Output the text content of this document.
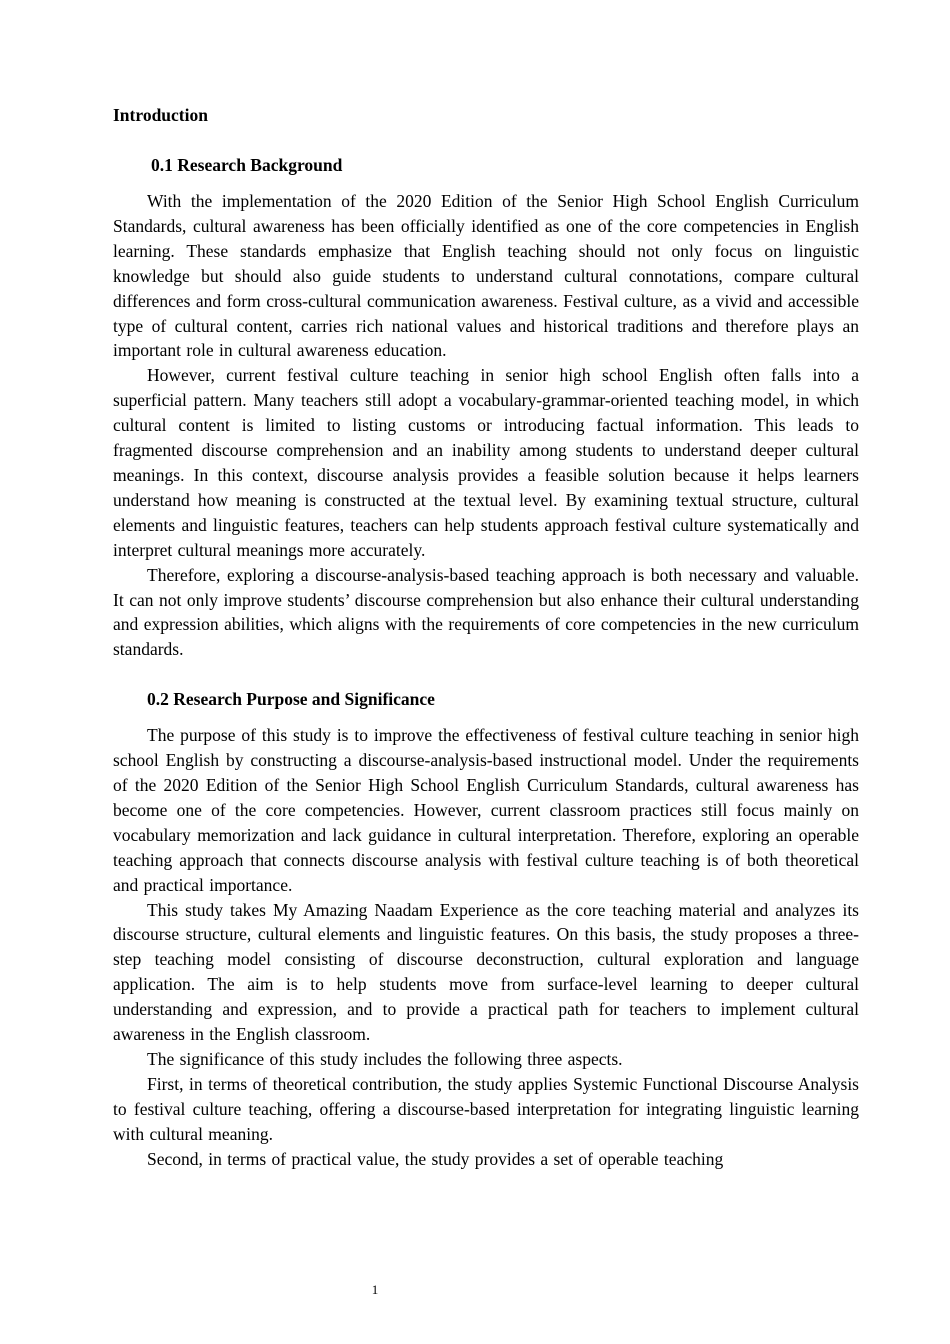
Introduction
0.1 Research Background

With the implementation of the 2020 Edition of the Senior High School English Curriculum Standards, cultural awareness has been officially identified as one of the core competencies in English learning. These standards emphasize that English teaching should not only focus on linguistic knowledge but should also guide students to understand cultural connotations, compare cultural differences and form cross-cultural communication awareness. Festival culture, as a vivid and accessible type of cultural content, carries rich national values and historical traditions and therefore plays an important role in cultural awareness education.

However, current festival culture teaching in senior high school English often falls into a superficial pattern. Many teachers still adopt a vocabulary-grammar-oriented teaching model, in which cultural content is limited to listing customs or introducing factual information. This leads to fragmented discourse comprehension and an inability among students to understand deeper cultural meanings. In this context, discourse analysis provides a feasible solution because it helps learners understand how meaning is constructed at the textual level. By examining textual structure, cultural elements and linguistic features, teachers can help students approach festival culture systematically and interpret cultural meanings more accurately.

Therefore, exploring a discourse-analysis-based teaching approach is both necessary and valuable. It can not only improve students’ discourse comprehension but also enhance their cultural understanding and expression abilities, which aligns with the requirements of core competencies in the new curriculum standards.

0.2 Research Purpose and Significance

The purpose of this study is to improve the effectiveness of festival culture teaching in senior high school English by constructing a discourse-analysis-based instructional model. Under the requirements of the 2020 Edition of the Senior High School English Curriculum Standards, cultural awareness has become one of the core competencies. However, current classroom practices still focus mainly on vocabulary memorization and lack guidance in cultural interpretation. Therefore, exploring an operable teaching approach that connects discourse analysis with festival culture teaching is of both theoretical and practical importance.

This study takes My Amazing Naadam Experience as the core teaching material and analyzes its discourse structure, cultural elements and linguistic features. On this basis, the study proposes a three-step teaching model consisting of discourse deconstruction, cultural exploration and language application. The aim is to help students move from surface-level learning to deeper cultural understanding and expression, and to provide a practical path for teachers to implement cultural awareness in the English classroom.

The significance of this study includes the following three aspects.

First, in terms of theoretical contribution, the study applies Systemic Functional Discourse Analysis to festival culture teaching, offering a discourse-based interpretation for integrating linguistic learning with cultural meaning.

Second, in terms of practical value, the study provides a set of operable teaching

1
